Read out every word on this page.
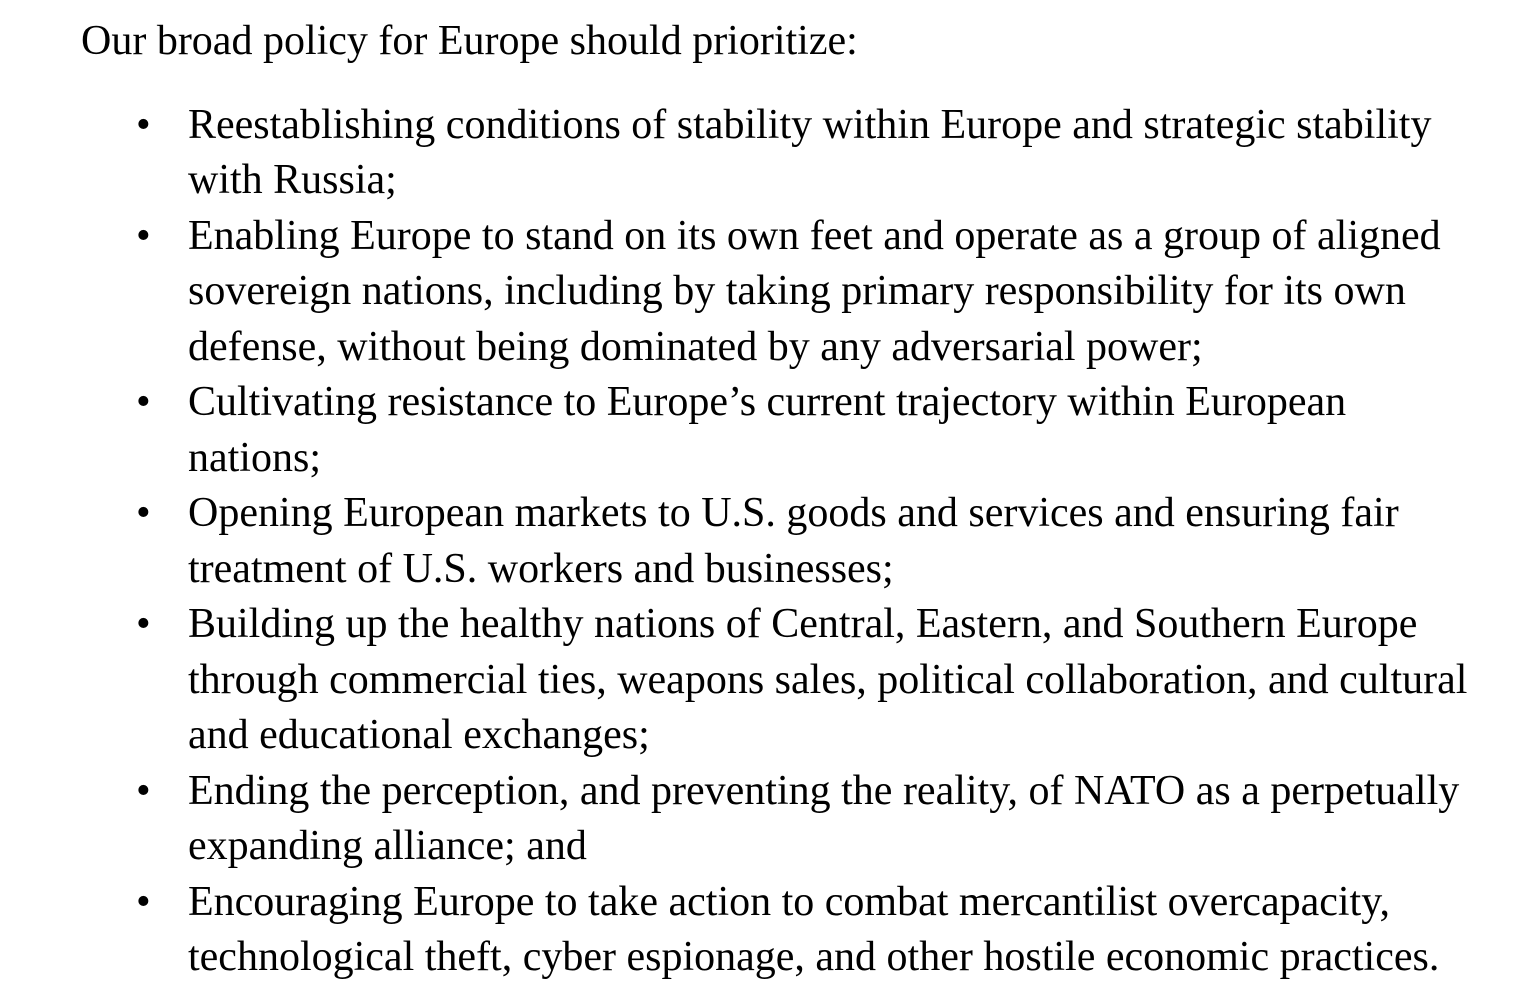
Our broad policy for Europe should prioritize:

• Reestablishing conditions of stability within Europe and strategic stability with Russia;
• Enabling Europe to stand on its own feet and operate as a group of aligned sovereign nations, including by taking primary responsibility for its own defense, without being dominated by any adversarial power;
• Cultivating resistance to Europe’s current trajectory within European nations;
• Opening European markets to U.S. goods and services and ensuring fair treatment of U.S. workers and businesses;
• Building up the healthy nations of Central, Eastern, and Southern Europe through commercial ties, weapons sales, political collaboration, and cultural and educational exchanges;
• Ending the perception, and preventing the reality, of NATO as a perpetually expanding alliance; and
• Encouraging Europe to take action to combat mercantilist overcapacity, technological theft, cyber espionage, and other hostile economic practices.
